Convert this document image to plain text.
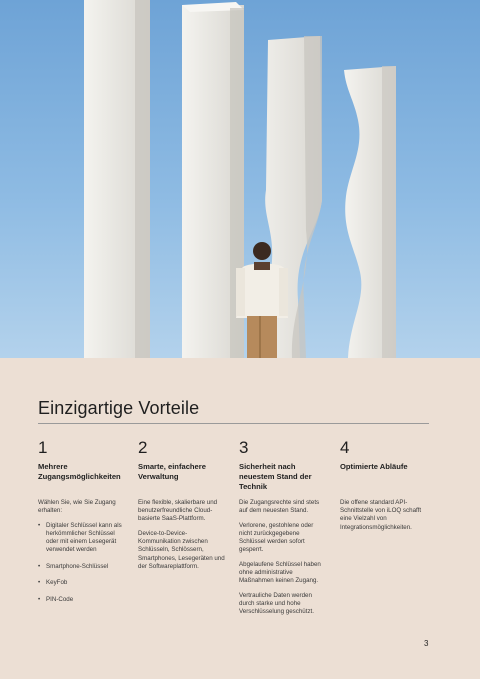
Einzigartige Vorteile
1
Mehrere Zugangsmöglichkeiten

Wählen Sie, wie Sie Zugang erhalten:

• Digitaler Schlüssel kann als herkömmlicher Schlüssel oder mit einem Lesegerät verwendet werden
• Smartphone-Schlüssel
• KeyFob
• PIN-Code
2
Smarte, einfachere Verwaltung

Eine flexible, skalierbare und benutzerfreundliche Cloud-basierte SaaS-Plattform.

Device-to-Device-Kommunikation zwischen Schlüsseln, Schlössern, Smartphones, Lesegeräten und der Softwareplattform.

3
Sicherheit nach neuestem Stand der Technik

Die Zugangsrechte sind stets auf dem neuesten Stand.

Verlorene, gestohlene oder nicht zurückgegebene Schlüssel werden sofort gesperrt.

Abgelaufene Schlüssel haben ohne administrative Maßnahmen keinen Zugang.

Vertrauliche Daten werden durch starke und hohe Verschlüsselung geschützt.

4
Optimierte Abläufe

Die offene standard API-Schnittstelle von iLOQ schafft eine Vielzahl von Integrationsmöglichkeiten.

3
